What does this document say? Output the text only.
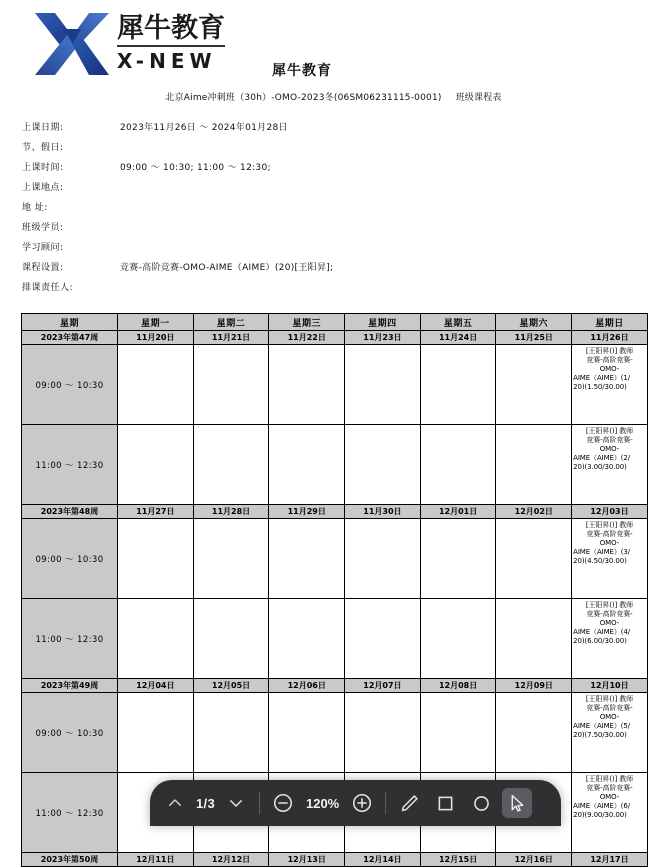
犀牛教育
X-NEW	犀牛教育
北京Aime冲刺班（30h）-OMO-2023冬(06SM06231115-0001) 班级课程表
上课日期:	2023年11月26日 ～ 2024年01月28日
节、假日:
上课时间:	09:00 ～ 10:30; 11:00 ～ 12:30;
上课地点:
地 址:
班级学员:
学习顾问:
课程设置:	竞赛-高阶竞赛-OMO-AIME（AIME）(20)[王阳昇];
排课责任人:
星期	星期一	星期二	星期三	星期四	星期五	星期六	星期日
2023年第47周	11月20日	11月21日	11月22日	11月23日	11月24日	11月25日	11月26日
09:00 ～ 10:30							[王阳昇()] 教师
竞赛-高阶竞赛-
OMO-
AIME（AIME）(1/
20)(1.50/30.00)

11:00 ～ 12:30							[王阳昇()] 教师
竞赛-高阶竞赛-
OMO-
AIME（AIME）(2/
20)(3.00/30.00)

2023年第48周	11月27日	11月28日	11月29日	11月30日	12月01日	12月02日	12月03日
09:00 ～ 10:30							[王阳昇()] 教师
竞赛-高阶竞赛-
OMO-
AIME（AIME）(3/
20)(4.50/30.00)

11:00 ～ 12:30							[王阳昇()] 教师
竞赛-高阶竞赛-
OMO-
AIME（AIME）(4/
20)(6.00/30.00)

2023年第49周	12月04日	12月05日	12月06日	12月07日	12月08日	12月09日	12月10日
09:00 ～ 10:30							[王阳昇()] 教师
竞赛-高阶竞赛-
OMO-
AIME（AIME）(5/
20)(7.50/30.00)

11:00 ～ 12:30							[王阳昇()] 教师
竞赛-高阶竞赛-
OMO-
AIME（AIME）(6/
20)(9.00/30.00)

2023年第50周	12月11日	12月12日	12月13日	12月14日	12月15日	12月16日	12月17日
1/3	120%
